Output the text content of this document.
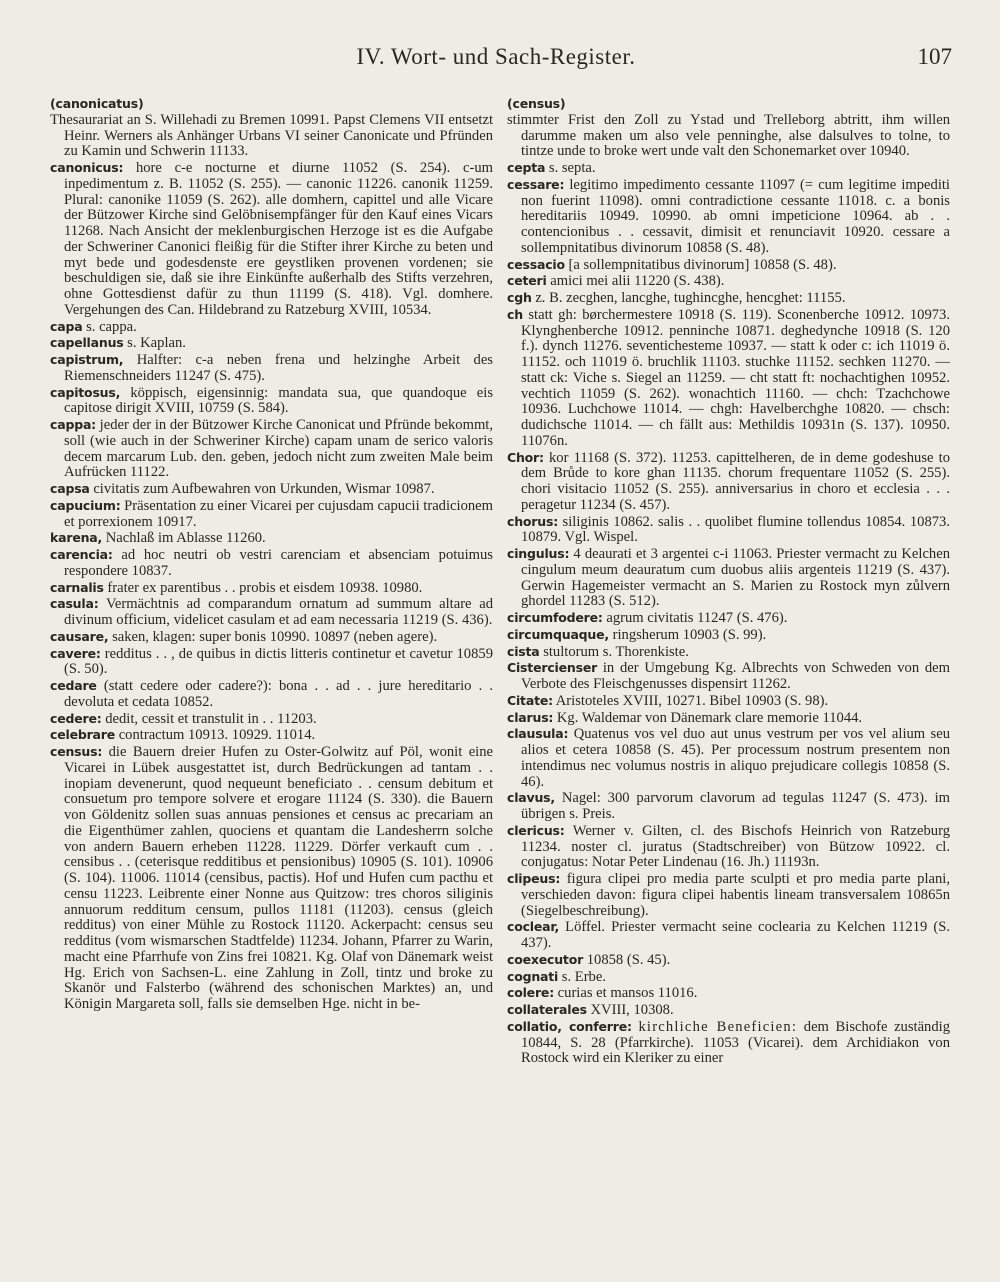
IV. Wort- und Sach-Register.	107

(canonicatus)

Thesaurariat an S. Willehadi zu Bremen 10991. Papst Clemens VII entsetzt Heinr. Werners als Anhänger Urbans VI seiner Canonicate und Pfründen zu Kamin und Schwerin 11133.

canonicus: hore c-e nocturne et diurne 11052 (S. 254). c-um inpedimentum z. B. 11052 (S. 255). — canonic 11226. canonik 11259. Plural: canonike 11059 (S. 262). alle domhern, capittel und alle Vicare der Bützower Kirche sind Gelöbnisempfänger für den Kauf eines Vicars 11268. Nach Ansicht der meklenburgischen Herzoge ist es die Aufgabe der Schweriner Canonici fleißig für die Stifter ihrer Kirche zu beten und myt bede und godesdenste ere geystliken provenen vordenen; sie beschuldigen sie, daß sie ihre Einkünfte außerhalb des Stifts verzehren, ohne Gottesdienst dafür zu thun 11199 (S. 418). Vgl. domhere. Vergehungen des Can. Hildebrand zu Ratzeburg XVIII, 10534.

capa s. cappa.

capellanus s. Kaplan.

capistrum, Halfter: c-a neben frena und helzinghe Arbeit des Riemenschneiders 11247 (S. 475).

capitosus, köppisch, eigensinnig: mandata sua, que quandoque eis capitose dirigit XVIII, 10759 (S. 584).

cappa: jeder der in der Bützower Kirche Canonicat und Pfründe bekommt, soll (wie auch in der Schweriner Kirche) capam unam de serico valoris decem marcarum Lub. den. geben, jedoch nicht zum zweiten Male beim Aufrücken 11122.

capsa civitatis zum Aufbewahren von Urkunden, Wismar 10987.

capucium: Präsentation zu einer Vicarei per cujusdam capucii tradicionem et porrexionem 10917.

karena, Nachlaß im Ablasse 11260.

carencia: ad hoc neutri ob vestri carenciam et absenciam potuimus respondere 10837.

carnalis frater ex parentibus . . probis et eisdem 10938. 10980.

casula: Vermächtnis ad comparandum ornatum ad summum altare ad divinum officium, videlicet casulam et ad eam necessaria 11219 (S. 436).

causare, saken, klagen: super bonis 10990. 10897 (neben agere).

cavere: redditus . . , de quibus in dictis litteris continetur et cavetur 10859 (S. 50).

cedare (statt cedere oder cadere?): bona . . ad . . jure hereditario . . devoluta et cedata 10852.

cedere: dedit, cessit et transtulit in . . 11203.

celebrare contractum 10913. 10929. 11014.

census: die Bauern dreier Hufen zu Oster-Golwitz auf Pöl, wonit eine Vicarei in Lübek ausgestattet ist, durch Bedrückungen ad tantam . . inopiam devenerunt, quod nequeunt beneficiato . . censum debitum et consuetum pro tempore solvere et erogare 11124 (S. 330). die Bauern von Göldenitz sollen suas annuas pensiones et census ac precariam an die Eigenthümer zahlen, quociens et quantam die Landesherrn solche von andern Bauern erheben 11228. 11229. Dörfer verkauft cum . . censibus . . (ceterisque redditibus et pensionibus) 10905 (S. 101). 10906 (S. 104). 11006. 11014 (censibus, pactis). Hof und Hufen cum pacthu et censu 11223. Leibrente einer Nonne aus Quitzow: tres choros siliginis annuorum redditum censum, pullos 11181 (11203). census (gleich redditus) von einer Mühle zu Rostock 11120. Ackerpacht: census seu redditus (vom wismarschen Stadtfelde) 11234. Johann, Pfarrer zu Warin, macht eine Pfarrhufe von Zins frei 10821. Kg. Olaf von Dänemark weist Hg. Erich von Sachsen-L. eine Zahlung in Zoll, tintz und broke zu Skanör und Falsterbo (während des schonischen Marktes) an, und Königin Margareta soll, falls sie demselben Hge. nicht in be-

(census)

stimmter Frist den Zoll zu Ystad und Trelleborg abtritt, ihm willen darumme maken um also vele penninghe, alse dalsulves to tolne, to tintze unde to broke wert unde valt den Schonemarket over 10940.

cepta s. septa.

cessare: legitimo impedimento cessante 11097 (= cum legitime impediti non fuerint 11098). omni contradictione cessante 11018. c. a bonis hereditariis 10949. 10990. ab omni impeticione 10964. ab . . contencionibus . . cessavit, dimisit et renunciavit 10920. cessare a sollempnitatibus divinorum 10858 (S. 48).

cessacio [a sollempnitatibus divinorum] 10858 (S. 48).

ceteri amici mei alii 11220 (S. 438).

cgh z. B. zecghen, lancghe, tughincghe, hencghet: 11155.

ch statt gh: børchermestere 10918 (S. 119). Sconenberche 10912. 10973. Klynghenberche 10912. penninche 10871. deghedynche 10918 (S. 120 f.). dynch 11276. seventichesteme 10937. — statt k oder c: ich 11019 ö. 11152. och 11019 ö. bruchlik 11103. stuchke 11152. sechken 11270. — statt ck: Viche s. Siegel an 11259. — cht statt ft: nochachtighen 10952. vechtich 11059 (S. 262). wonachtich 11160. — chch: Tzachchowe 10936. Luchchowe 11014. — chgh: Havelberchghe 10820. — chsch: dudichsche 11014. — ch fällt aus: Methildis 10931n (S. 137). 10950. 11076n.

Chor: kor 11168 (S. 372). 11253. capittelheren, de in deme godeshuse to dem Brůde to kore ghan 11135. chorum frequentare 11052 (S. 255). chori visitacio 11052 (S. 255). anniversarius in choro et ecclesia . . . peragetur 11234 (S. 457).

chorus: siliginis 10862. salis . . quolibet flumine tollendus 10854. 10873. 10879. Vgl. Wispel.

cingulus: 4 deaurati et 3 argentei c-i 11063. Priester vermacht zu Kelchen cingulum meum deauratum cum duobus aliis argenteis 11219 (S. 437). Gerwin Hagemeister vermacht an S. Marien zu Rostock myn zůlvern ghordel 11283 (S. 512).

circumfodere: agrum civitatis 11247 (S. 476).

circumquaque, ringsherum 10903 (S. 99).

cista stultorum s. Thorenkiste.

Cistercienser in der Umgebung Kg. Albrechts von Schweden von dem Verbote des Fleischgenusses dispensirt 11262.

Citate: Aristoteles XVIII, 10271. Bibel 10903 (S. 98).

clarus: Kg. Waldemar von Dänemark clare memorie 11044.

clausula: Quatenus vos vel duo aut unus vestrum per vos vel alium seu alios et cetera 10858 (S. 45). Per processum nostrum presentem non intendimus nec volumus nostris in aliquo prejudicare collegis 10858 (S. 46).

clavus, Nagel: 300 parvorum clavorum ad tegulas 11247 (S. 473). im übrigen s. Preis.

clericus: Werner v. Gilten, cl. des Bischofs Heinrich von Ratzeburg 11234. noster cl. juratus (Stadtschreiber) von Bützow 10922. cl. conjugatus: Notar Peter Lindenau (16. Jh.) 11193n.

clipeus: figura clipei pro media parte sculpti et pro media parte plani, verschieden davon: figura clipei habentis lineam transversalem 10865n (Siegelbeschreibung).

coclear, Löffel. Priester vermacht seine coclearia zu Kelchen 11219 (S. 437).

coexecutor 10858 (S. 45).

cognati s. Erbe.

colere: curias et mansos 11016.

collaterales XVIII, 10308.

collatio, conferre: kirchliche Beneficien: dem Bischofe zuständig 10844, S. 28 (Pfarrkirche). 11053 (Vicarei). dem Archidiakon von Rostock wird ein Kleriker zu einer
